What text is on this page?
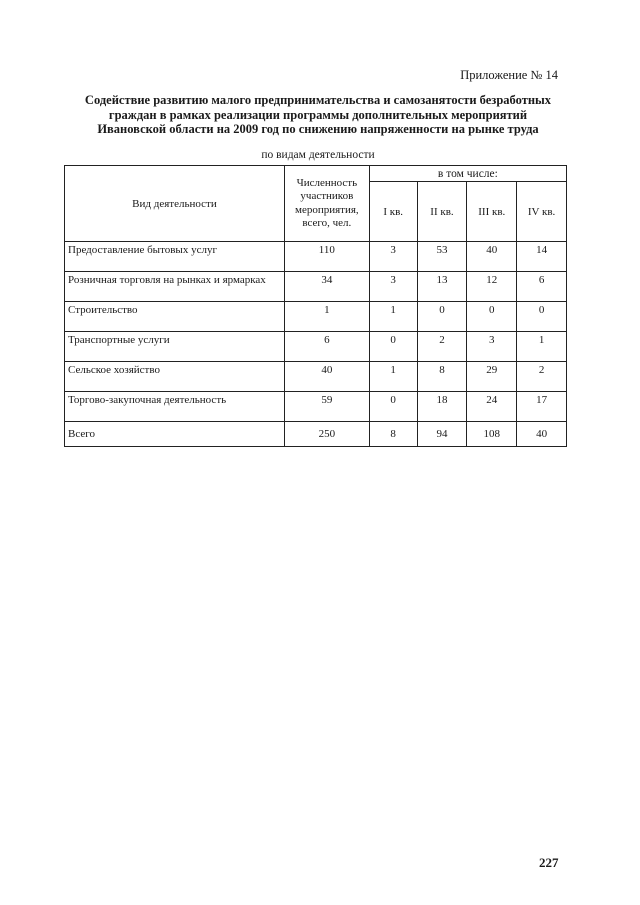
Приложение № 14
Содействие развитию малого предпринимательства и самозанятости безработных
граждан в рамках реализации программы дополнительных мероприятий
Ивановской области на 2009 год по снижению напряженности на рынке труда
по видам деятельности
Вид деятельности	Численность участников мероприятия, всего, чел.	в том числе:			
		I кв.	II кв.	III кв.	IV кв.
Предоставление бытовых услуг	110	3	53	40	14
Розничная торговля на рынках и ярмарках	34	3	13	12	6
Строительство	1	1	0	0	0
Транспортные услуги	6	0	2	3	1
Сельское хозяйство	40	1	8	29	2
Торгово-закупочная деятельность	59	0	18	24	17
Всего	250	8	94	108	40
227
